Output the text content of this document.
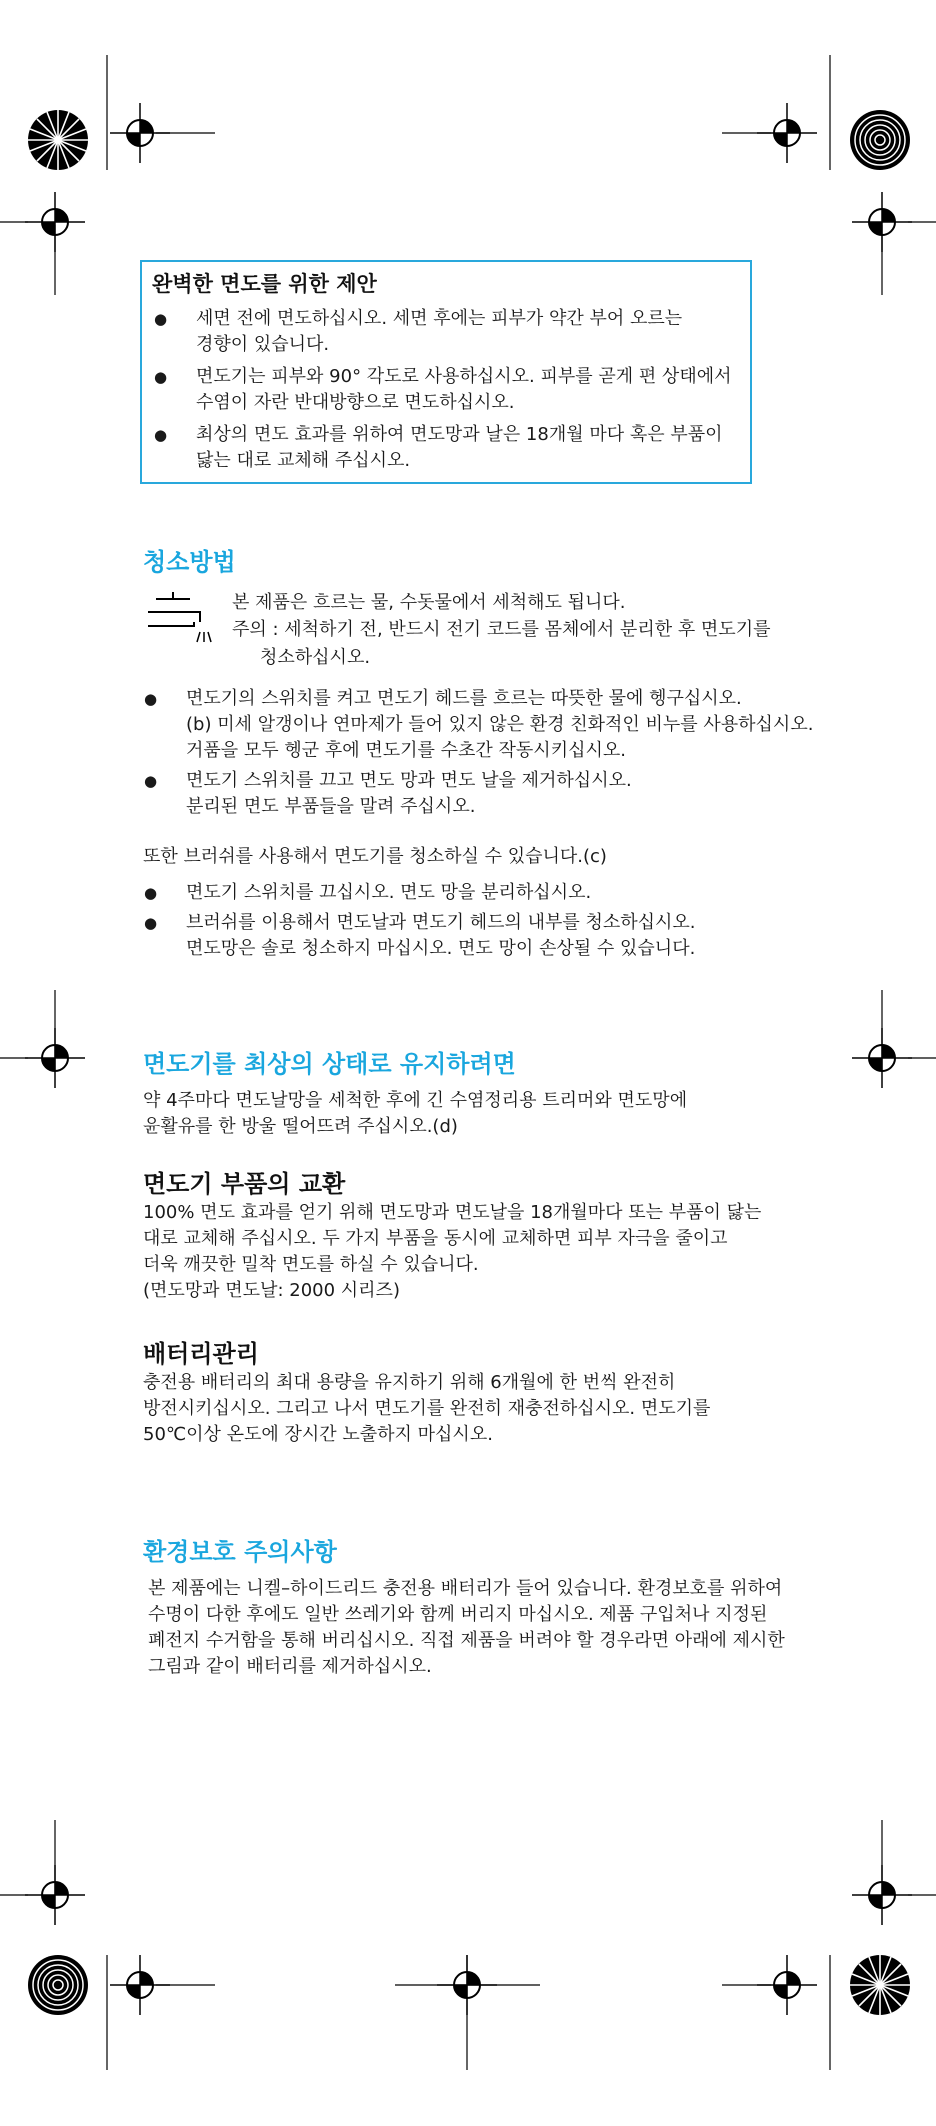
완벽한 면도를 위한 제안
● 세면 전에 면도하십시오. 세면 후에는 피부가 약간 부어 오르는
경향이 있습니다.
● 면도기는 피부와 90° 각도로 사용하십시오. 피부를 곧게 편 상태에서
수염이 자란 반대방향으로 면도하십시오.
● 최상의 면도 효과를 위하여 면도망과 날은 18개월 마다 혹은 부품이
닳는 대로 교체해 주십시오.
청소방법
본 제품은 흐르는 물, 수돗물에서 세척해도 됩니다.
주의 : 세척하기 전, 반드시 전기 코드를 몸체에서 분리한 후 면도기를
청소하십시오.
● 면도기의 스위치를 켜고 면도기 헤드를 흐르는 따뜻한 물에 헹구십시오.
(b) 미세 알갱이나 연마제가 들어 있지 않은 환경 친화적인 비누를 사용하십시오.
거품을 모두 헹군 후에 면도기를 수초간 작동시키십시오.
● 면도기 스위치를 끄고 면도 망과 면도 날을 제거하십시오.
분리된 면도 부품들을 말려 주십시오.
또한 브러쉬를 사용해서 면도기를 청소하실 수 있습니다.(c)
● 면도기 스위치를 끄십시오. 면도 망을 분리하십시오.
● 브러쉬를 이용해서 면도날과 면도기 헤드의 내부를 청소하십시오.
면도망은 솔로 청소하지 마십시오. 면도 망이 손상될 수 있습니다.
면도기를 최상의 상태로 유지하려면
약 4주마다 면도날망을 세척한 후에 긴 수염정리용 트리머와 면도망에
윤활유를 한 방울 떨어뜨려 주십시오.(d)
면도기 부품의 교환
100% 면도 효과를 얻기 위해 면도망과 면도날을 18개월마다 또는 부품이 닳는
대로 교체해 주십시오. 두 가지 부품을 동시에 교체하면 피부 자극을 줄이고
더욱 깨끗한 밀착 면도를 하실 수 있습니다.
(면도망과 면도날: 2000 시리즈)
배터리관리
충전용 배터리의 최대 용량을 유지하기 위해 6개월에 한 번씩 완전히
방전시키십시오. 그리고 나서 면도기를 완전히 재충전하십시오. 면도기를
50℃이상 온도에 장시간 노출하지 마십시오.
환경보호 주의사항
본 제품에는 니켈–하이드리드 충전용 배터리가 들어 있습니다. 환경보호를 위하여
수명이 다한 후에도 일반 쓰레기와 함께 버리지 마십시오. 제품 구입처나 지정된
폐전지 수거함을 통해 버리십시오. 직접 제품을 버려야 할 경우라면 아래에 제시한
그림과 같이 배터리를 제거하십시오.
